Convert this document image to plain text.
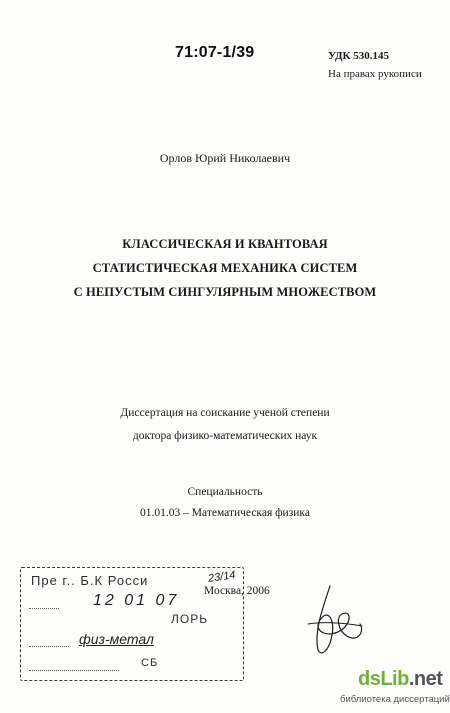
71:07-1/39	УДК 530.145
На правах рукописи
Орлов Юрий Николаевич
КЛАССИЧЕСКАЯ И КВАНТОВАЯ
СТАТИСТИЧЕСКАЯ МЕХАНИКА СИСТЕМ
С НЕПУСТЫМ СИНГУЛЯРНЫМ МНОЖЕСТВОМ
Диссертация на соискание ученой степени
доктора физико-математических наук
Специальность
01.01.03 – Математическая физика
Пре г.. Б.К Росси
12 01 07
ЛОРЬ
физ-метал
СБ
23/14
Москва, 2006
dsLib.net
библиотека диссертаций
